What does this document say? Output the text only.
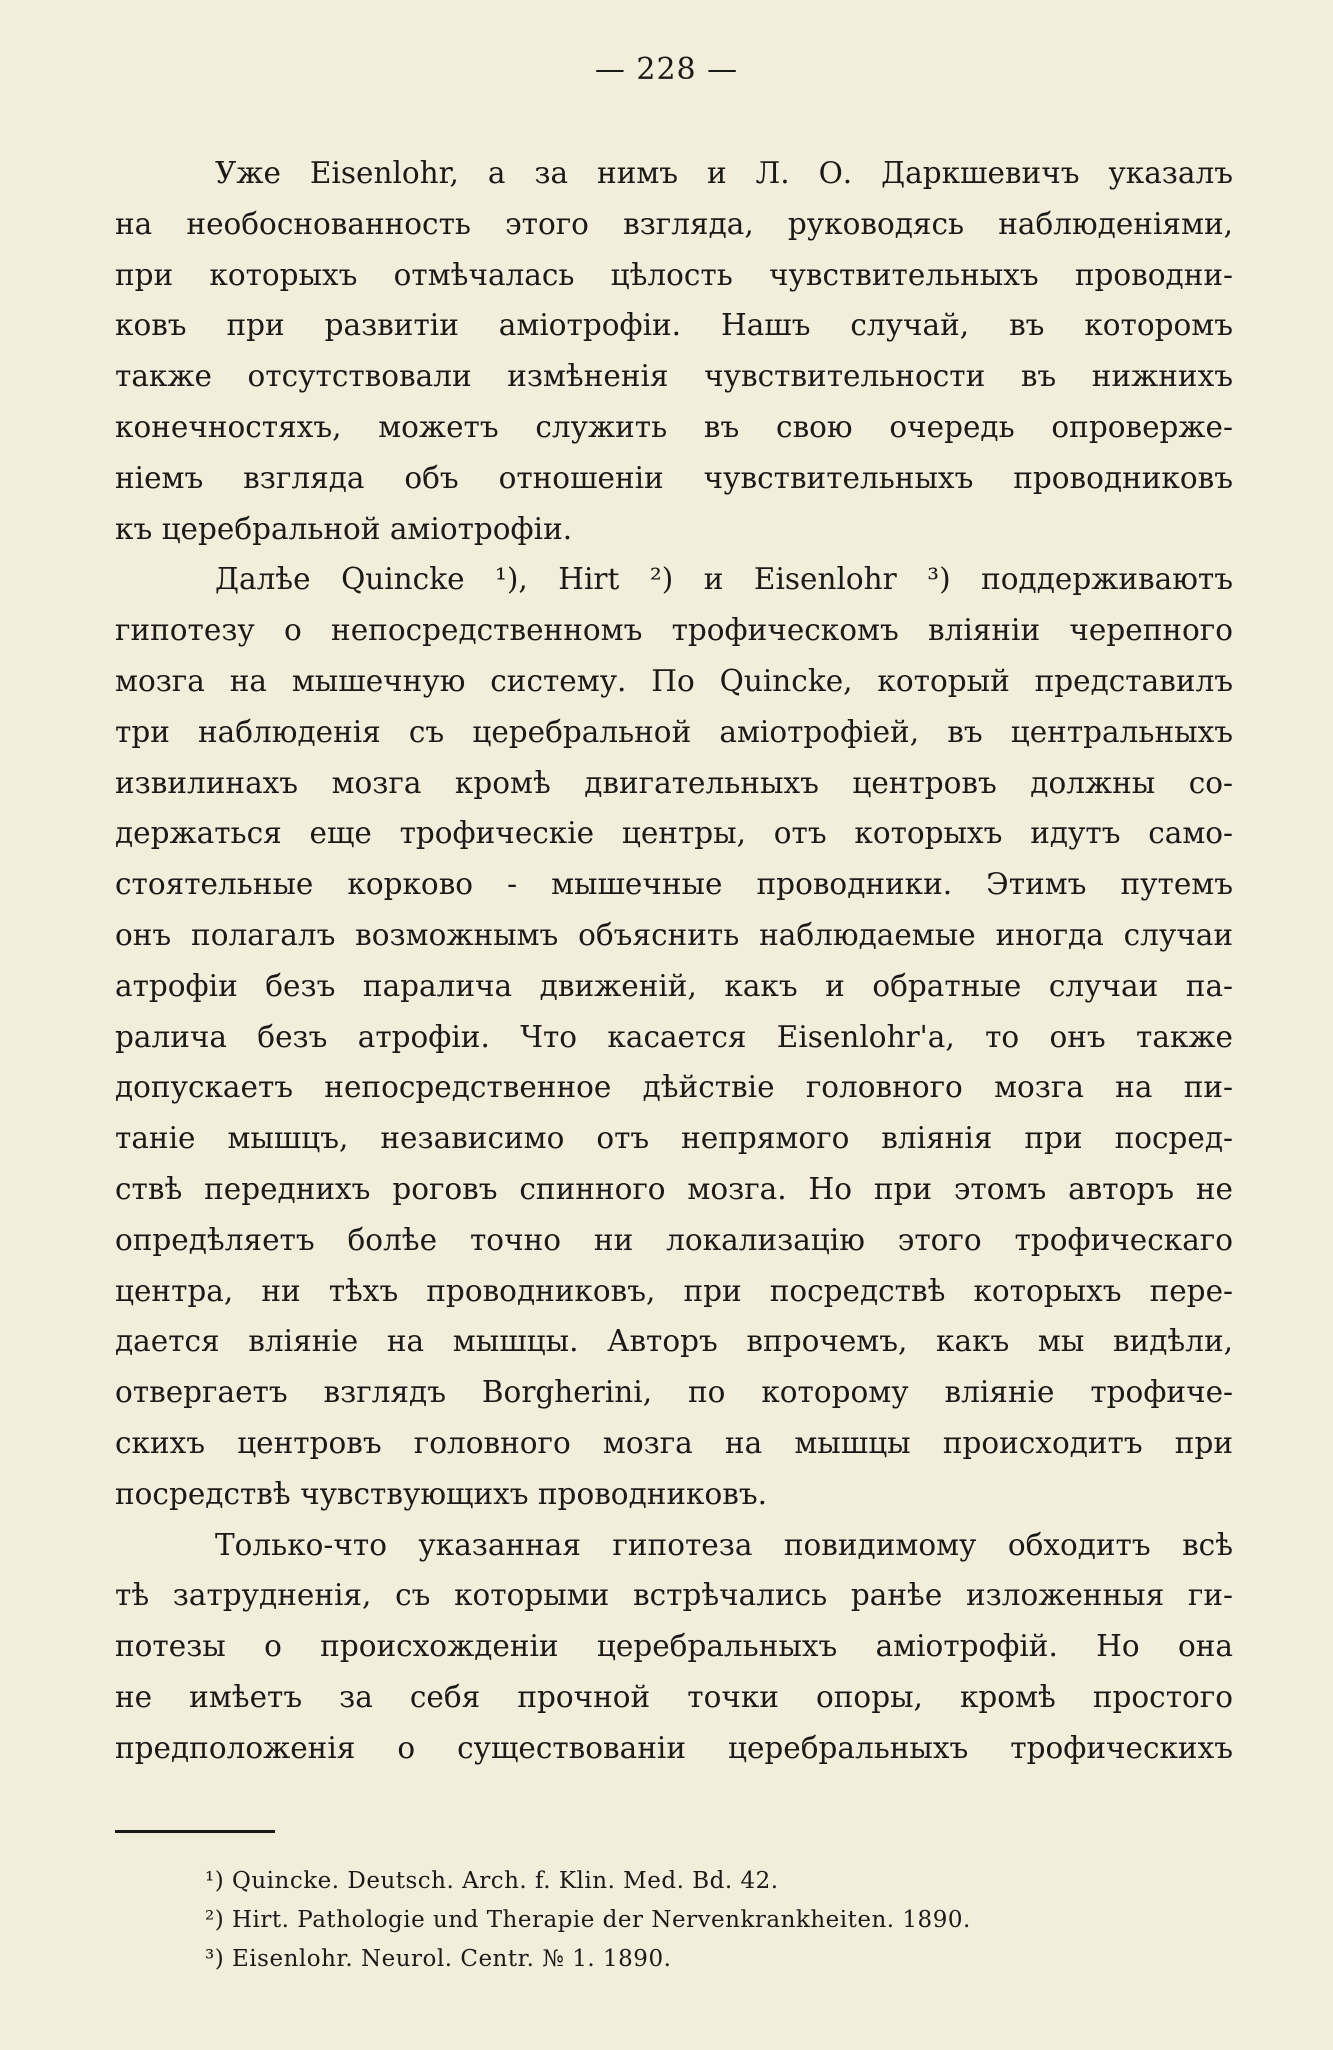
— 228 —
Уже Eisenlohr, а за нимъ и Л. О. Даркшевичъ указалъ
на необоснованность этого взгляда, руководясь наблюденіями,
при которыхъ отмѣчалась цѣлость чувствительныхъ проводни-
ковъ при развитіи аміотрофіи. Нашъ случай, въ которомъ
также отсутствовали измѣненія чувствительности въ нижнихъ
конечностяхъ, можетъ служить въ свою очередь опроверже-
ніемъ взгляда объ отношеніи чувствительныхъ проводниковъ
къ церебральной аміотрофіи.
Далѣе Quincke ¹), Hirt ²) и Eisenlohr ³) поддерживаютъ
гипотезу о непосредственномъ трофическомъ вліяніи черепного
мозга на мышечную систему. По Quincke, который представилъ
три наблюденія съ церебральной аміотрофіей, въ центральныхъ
извилинахъ мозга кромѣ двигательныхъ центровъ должны со-
держаться еще трофическіе центры, отъ которыхъ идутъ само-
стоятельные корково - мышечные проводники. Этимъ путемъ
онъ полагалъ возможнымъ объяснить наблюдаемые иногда случаи
атрофіи безъ паралича движеній, какъ и обратные случаи па-
ралича безъ атрофіи. Что касается Eisenlohr'а, то онъ также
допускаетъ непосредственное дѣйствіе головного мозга на пи-
таніе мышцъ, независимо отъ непрямого вліянія при посред-
ствѣ переднихъ роговъ спинного мозга. Но при этомъ авторъ не
опредѣляетъ болѣе точно ни локализацію этого трофическаго
центра, ни тѣхъ проводниковъ, при посредствѣ которыхъ пере-
дается вліяніе на мышцы. Авторъ впрочемъ, какъ мы видѣли,
отвергаетъ взглядъ Borgherini, по которому вліяніе трофиче-
скихъ центровъ головного мозга на мышцы происходитъ при
посредствѣ чувствующихъ проводниковъ.
Только-что указанная гипотеза повидимому обходитъ всѣ
тѣ затрудненія, съ которыми встрѣчались ранѣе изложенныя ги-
потезы о происхожденіи церебральныхъ аміотрофій. Но она
не имѣетъ за себя прочной точки опоры, кромѣ простого
предположенія о существованіи церебральныхъ трофическихъ
¹) Quincke. Deutsch. Arch. f. Klin. Med. Bd. 42.
²) Hirt. Pathologie und Therapie der Nervenkrankheiten. 1890.
³) Eisenlohr. Neurol. Centr. № 1. 1890.
